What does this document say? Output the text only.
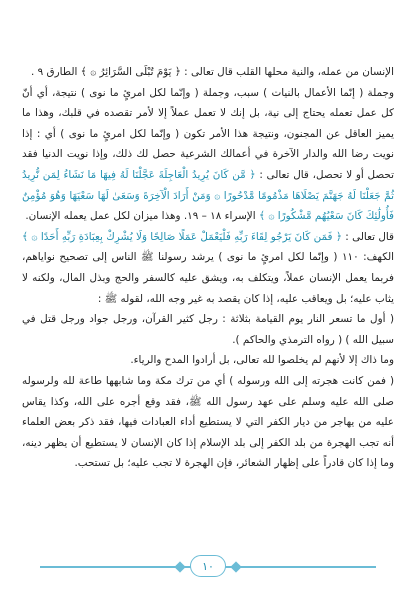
الإنسان من عمله، والنية محلها القلب قال تعالى : ﴿ يَوْمَ تُبْلَى السَّرَائِرُ ۞ ﴾ الطارق ٩ .

وجملة ( إنّما الأعمال بالنيات ) سبب، وجملة ( وإنّما لكل امرئٍ ما نوى ) نتيجة، أي أنّ كل عمل تعمله يحتاج إلى نية، بل إنك لا تعمل عملاً إلا لأمر تقصده في قلبك، وهذا ما يميز العاقل عن المجنون، ونتيجة هذا الأمر تكون ( وإنّما لكل امرئٍ ما نوى ) أي : إذا نويت رضا الله والدار الآخرة في أعمالك الشرعية حصل لك ذلك، وإذا نويت الدنيا فقد تحصل أو لا تحصل، قال تعالى : ﴿ مَّن كَانَ يُرِيدُ الْعَاجِلَةَ عَجَّلْنَا لَهُ فِيهَا مَا نَشَاءُ لِمَن نُّرِيدُ ثُمَّ جَعَلْنَا لَهُ جَهَنَّمَ يَصْلَاهَا مَذْمُومًا مَّدْحُورًا ۞ وَمَنْ أَرَادَ الْآخِرَةَ وَسَعَىٰ لَهَا سَعْيَهَا وَهُوَ مُؤْمِنٌ فَأُولَٰئِكَ كَانَ سَعْيُهُم مَّشْكُورًا ۞ ﴾ الإسراء ١٨ – ١٩. وهذا ميزان لكل عمل يعمله الإنسان.

قال تعالى : ﴿ فَمَن كَانَ يَرْجُو لِقَاءَ رَبِّهِ فَلْيَعْمَلْ عَمَلًا صَالِحًا وَلَا يُشْرِكْ بِعِبَادَةِ رَبِّهِ أَحَدًا ۞ ﴾ الكهف: ١١٠ ( وإنّما لكل امرئٍ ما نوى ) يرشد رسولنا ﷺ الناس إلى تصحيح نواياهم، فربما يعمل الإنسان عملاً، ويتكلف به، ويشق عليه كالسفر والحج وبذل المال، ولكنه لا يثاب عليه؛ بل ويعاقب عليه، إذا كان يقصد به غير وجه الله، لقوله ﷺ :

( أول ما تسعر النار يوم القيامة بثلاثة : رجل كثير القرآن، ورجل جواد ورجل قتل في سبيل الله ) ( رواه الترمذي والحاكم ).

وما ذاك إلا لأنهم لم يخلصوا لله تعالى، بل أرادوا المدح والرياء.

( فمن كانت هجرته إلى الله ورسوله ) أي من ترك مكة وما شابهها طاعة لله ولرسوله صلى الله عليه وسلم على عهد رسول الله ﷺ، فقد وقع أجره على الله، وكذا يقاس عليه من يهاجر من ديار الكفر التي لا يستطيع أداء العبادات فيها، فقد ذكر بعض العلماء أنه تجب الهجرة من بلد الكفر إلى بلد الإسلام إذا كان الإنسان لا يستطيع أن يظهر دينه، وما إذا كان قادراً على إظهار الشعائر، فإن الهجرة لا تجب عليه؛ بل تستحب.

١٠
